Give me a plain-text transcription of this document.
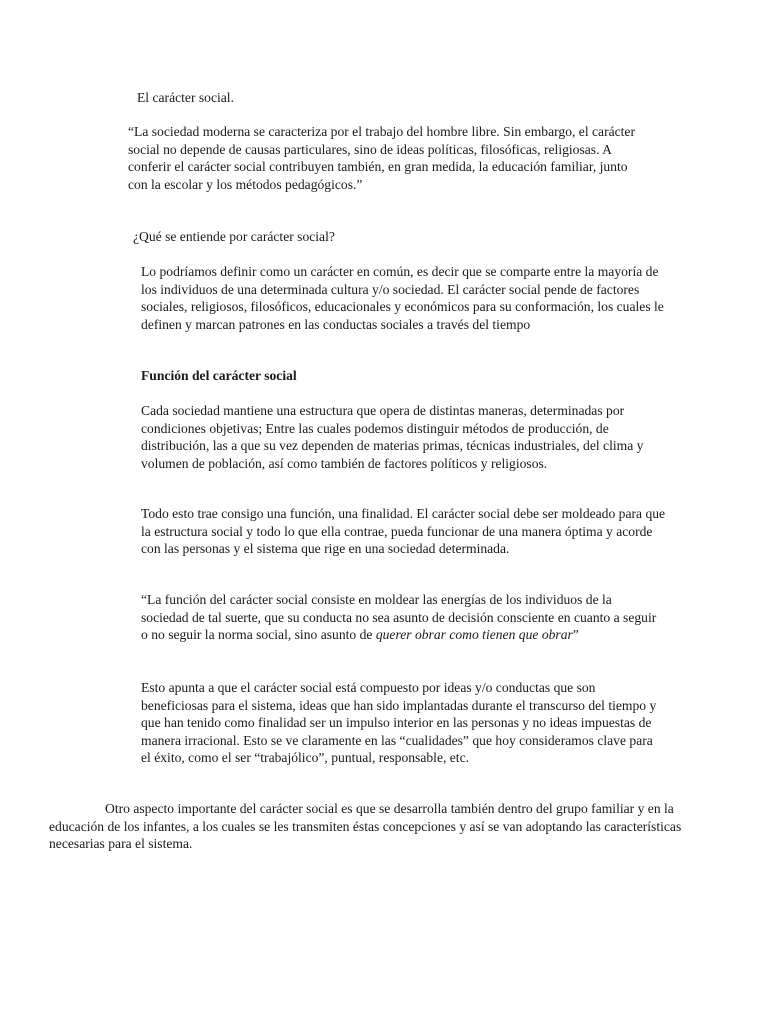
El carácter social.

“La sociedad moderna se caracteriza por el trabajo del hombre libre. Sin embargo, el carácter social no depende de causas particulares, sino de ideas políticas, filosóficas, religiosas. A conferir el carácter social contribuyen también, en gran medida, la educación familiar, junto con la escolar y los métodos pedagógicos.”

¿Qué se entiende por carácter social?

Lo podríamos definir como un carácter en común, es decir que se comparte entre la mayoría de los individuos de una determinada cultura y/o sociedad. El carácter social pende de factores sociales, religiosos, filosóficos, educacionales y económicos para su conformación, los cuales le definen y marcan patrones en las conductas sociales a través del tiempo

Función del carácter social

Cada sociedad mantiene una estructura que opera de distintas maneras, determinadas por condiciones objetivas; Entre las cuales podemos distinguir métodos de producción, de distribución, las a que su vez dependen de materias primas, técnicas industriales, del clima y volumen de población, así como también de factores políticos y religiosos.

Todo esto trae consigo una función, una finalidad. El carácter social debe ser moldeado para que la estructura social y todo lo que ella contrae, pueda funcionar de una manera óptima y acorde con las personas y el sistema que rige en una sociedad determinada.

“La función del carácter social consiste en moldear las energías de los individuos de la sociedad de tal suerte, que su conducta no sea asunto de decisión consciente en cuanto a seguir o no seguir la norma social, sino asunto de querer obrar como tienen que obrar”

Esto apunta a que el carácter social está compuesto por ideas y/o conductas que son beneficiosas para el sistema, ideas que han sido implantadas durante el transcurso del tiempo y que han tenido como finalidad ser un impulso interior en las personas y no ideas impuestas de manera irracional. Esto se ve claramente en las “cualidades” que hoy consideramos clave para el éxito, como el ser “trabajólico”, puntual, responsable, etc.

Otro aspecto importante del carácter social es que se desarrolla también dentro del grupo familiar y en la educación de los infantes, a los cuales se les transmiten éstas concepciones y así se van adoptando las características necesarias para el sistema.
